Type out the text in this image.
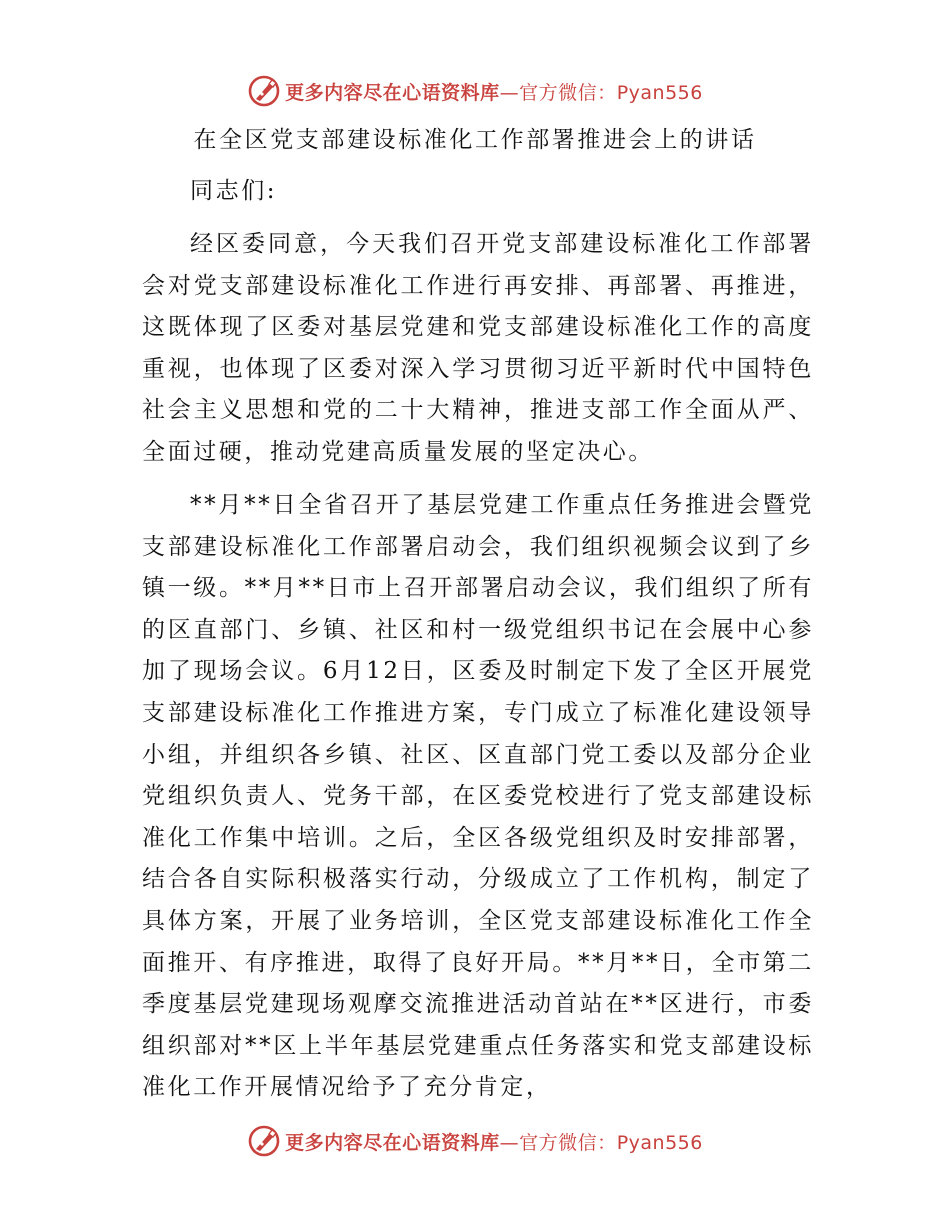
更多内容尽在心语资料库—官方微信：Pyan556
在全区党支部建设标准化工作部署推进会上的讲话

同志们:

经区委同意，今天我们召开党支部建设标准化工作部署会对党支部建设标准化工作进行再安排、再部署、再推进，这既体现了区委对基层党建和党支部建设标准化工作的高度重视，也体现了区委对深入学习贯彻习近平新时代中国特色社会主义思想和党的二十大精神，推进支部工作全面从严、全面过硬，推动党建高质量发展的坚定决心。

**月**日全省召开了基层党建工作重点任务推进会暨党支部建设标准化工作部署启动会，我们组织视频会议到了乡镇一级。**月**日市上召开部署启动会议，我们组织了所有的区直部门、乡镇、社区和村一级党组织书记在会展中心参加了现场会议。6月12日，区委及时制定下发了全区开展党支部建设标准化工作推进方案，专门成立了标准化建设领导小组，并组织各乡镇、社区、区直部门党工委以及部分企业党组织负责人、党务干部，在区委党校进行了党支部建设标准化工作集中培训。之后，全区各级党组织及时安排部署，结合各自实际积极落实行动，分级成立了工作机构，制定了具体方案，开展了业务培训，全区党支部建设标准化工作全面推开、有序推进，取得了良好开局。**月**日，全市第二季度基层党建现场观摩交流推进活动首站在**区进行，市委组织部对**区上半年基层党建重点任务落实和党支部建设标准化工作开展情况给予了充分肯定，

更多内容尽在心语资料库—官方微信：Pyan556
